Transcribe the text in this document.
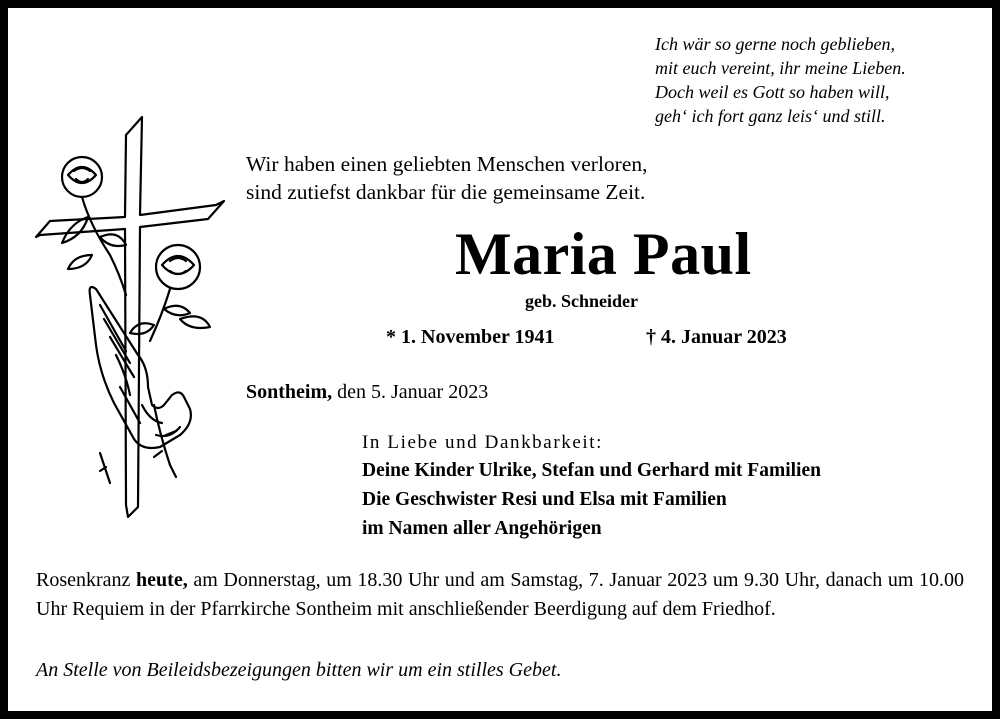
Ich wär so gerne noch geblieben,
mit euch vereint, ihr meine Lieben.
Doch weil es Gott so haben will,
geh‘ ich fort ganz leis‘ und still.
Wir haben einen geliebten Menschen verloren,
sind zutiefst dankbar für die gemeinsame Zeit.
Maria Paul
geb. Schneider
* 1. November 1941	† 4. Januar 2023
Sontheim, den 5. Januar 2023
In Liebe und Dankbarkeit:
Deine Kinder Ulrike, Stefan und Gerhard mit Familien
Die Geschwister Resi und Elsa mit Familien
im Namen aller Angehörigen
Rosenkranz heute, am Donnerstag, um 18.30 Uhr und am Samstag, 7. Januar 2023 um 9.30 Uhr, danach um 10.00 Uhr Requiem in der Pfarrkirche Sontheim mit anschließender Beerdigung auf dem Friedhof.
An Stelle von Beileidsbezeigungen bitten wir um ein stilles Gebet.
